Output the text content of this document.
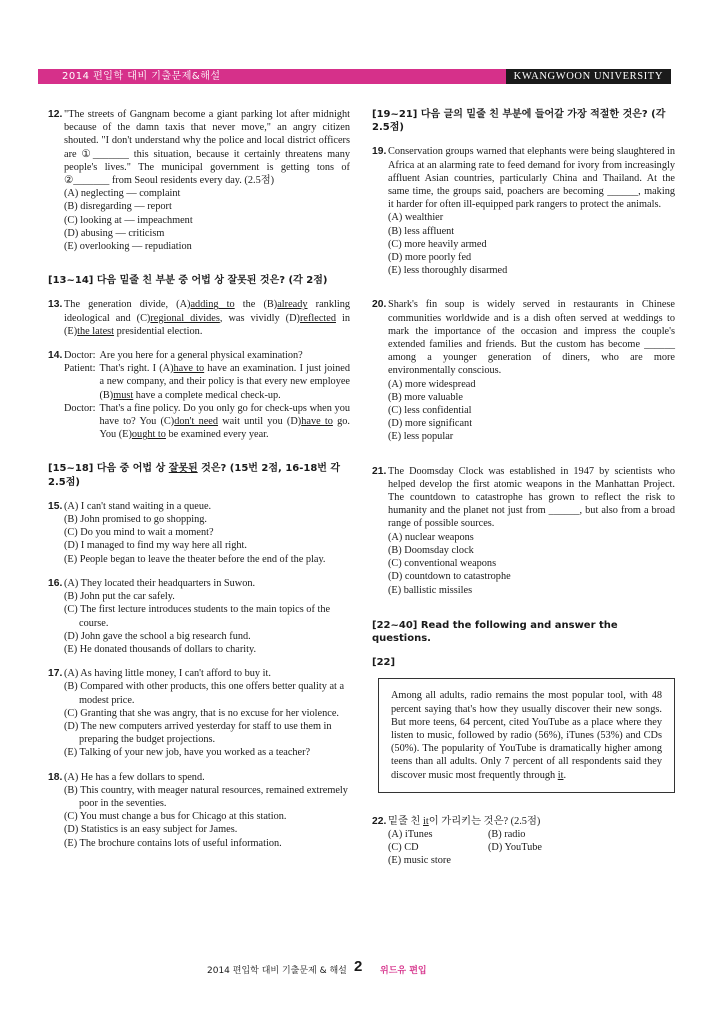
2014 편입학 대비 기출문제&해설	KWANGWOON UNIVERSITY
12. "The streets of Gangnam become a giant parking lot after midnight because of the damn taxis that never move," an angry citizen shouted. "I don't understand why the police and local district officers are ①_______ this situation, because it certainly threatens many people's lives." The municipal government is getting tons of ②_______ from Seoul residents every day. (2.5점)
(A) neglecting — complaint
(B) disregarding — report
(C) looking at — impeachment
(D) abusing — criticism
(E) overlooking — repudiation
[13~14] 다음 밑줄 친 부분 중 어법 상 잘못된 것은? (각 2점)
13. The generation divide, (A)adding to the (B)already rankling ideological and (C)regional divides, was vividly (D)reflected in (E)the latest presidential election.
14. Doctor: Are you here for a general physical examination?
Patient: That's right. I (A)have to have an examination. I just joined a new company, and their policy is that every new employee (B)must have a complete medical check-up.
Doctor: That's a fine policy. Do you only go for check-ups when you have to? You (C)don't need wait until you (D)have to go. You (E)ought to be examined every year.
[15~18] 다음 중 어법 상 잘못된 것은? (15번 2점, 16-18번 각 2.5점)
15. (A) I can't stand waiting in a queue.
(B) John promised to go shopping.
(C) Do you mind to wait a moment?
(D) I managed to find my way here all right.
(E) People began to leave the theater before the end of the play.
16. (A) They located their headquarters in Suwon.
(B) John put the car safely.
(C) The first lecture introduces students to the main topics of the course.
(D) John gave the school a big research fund.
(E) He donated thousands of dollars to charity.
17. (A) As having little money, I can't afford to buy it.
(B) Compared with other products, this one offers better quality at a modest price.
(C) Granting that she was angry, that is no excuse for her violence.
(D) The new computers arrived yesterday for staff to use them in preparing the budget projections.
(E) Talking of your new job, have you worked as a teacher?
18. (A) He has a few dollars to spend.
(B) This country, with meager natural resources, remained extremely poor in the seventies.
(C) You must change a bus for Chicago at this station.
(D) Statistics is an easy subject for James.
(E) The brochure contains lots of useful information.
[19~21] 다음 글의 밑줄 친 부분에 들어갈 가장 적절한 것은? (각 2.5점)
19. Conservation groups warned that elephants were being slaughtered in Africa at an alarming rate to feed demand for ivory from increasingly affluent Asian countries, particularly China and Thailand. At the same time, the groups said, poachers are becoming ______, making it harder for often ill-equipped park rangers to protect the animals.
(A) wealthier
(B) less affluent
(C) more heavily armed
(D) more poorly fed
(E) less thoroughly disarmed
20. Shark's fin soup is widely served in restaurants in Chinese communities worldwide and is a dish often served at weddings to mark the importance of the occasion and impress the couple's extended families and friends. But the custom has become ______ among a younger generation of diners, who are more environmentally conscious.
(A) more widespread
(B) more valuable
(C) less confidential
(D) more significant
(E) less popular
21. The Doomsday Clock was established in 1947 by scientists who helped develop the first atomic weapons in the Manhattan Project. The countdown to catastrophe has grown to reflect the risk to humanity and the planet not just from ______, but also from a broad range of possible sources.
(A) nuclear weapons
(B) Doomsday clock
(C) conventional weapons
(D) countdown to catastrophe
(E) ballistic missiles
[22~40] Read the following and answer the questions.
[22]
Among all adults, radio remains the most popular tool, with 48 percent saying that's how they usually discover their new songs. But more teens, 64 percent, cited YouTube as a place where they listen to music, followed by radio (56%), iTunes (53%) and CDs (50%). The popularity of YouTube is dramatically higher among teens than all adults. Only 7 percent of all respondents said they discover music most frequently through it.
22. 밑줄 친 it이 가리키는 것은? (2.5점)
(A) iTunes	(B) radio
(C) CD	(D) YouTube
(E) music store
2014 편입학 대비 기출문제 & 해설 2 위드유 편입
